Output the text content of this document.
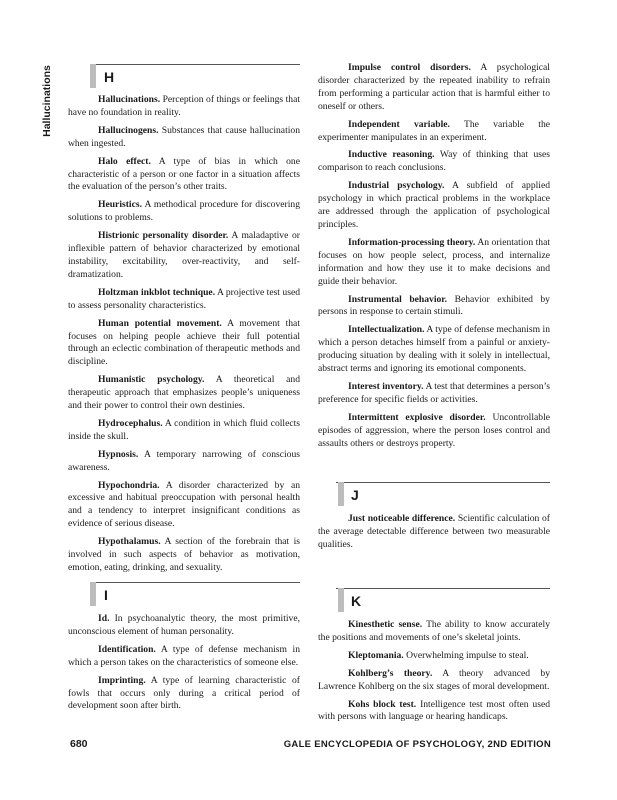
Hallucinations	H

Hallucinations. Perception of things or feelings that have no foundation in reality.

Hallucinogens. Substances that cause hallucination when ingested.

Halo effect. A type of bias in which one characteristic of a person or one factor in a situation affects the evaluation of the person’s other traits.

Heuristics. A methodical procedure for discovering solutions to problems.

Histrionic personality disorder. A maladaptive or inflexible pattern of behavior characterized by emotional instability, excitability, over-reactivity, and self-dramatization.

Holtzman inkblot technique. A projective test used to assess personality characteristics.

Human potential movement. A movement that focuses on helping people achieve their full potential through an eclectic combination of therapeutic methods and discipline.

Humanistic psychology. A theoretical and therapeutic approach that emphasizes people’s uniqueness and their power to control their own destinies.

Hydrocephalus. A condition in which fluid collects inside the skull.

Hypnosis. A temporary narrowing of conscious awareness.

Hypochondria. A disorder characterized by an excessive and habitual preoccupation with personal health and a tendency to interpret insignificant conditions as evidence of serious disease.

Hypothalamus. A section of the forebrain that is involved in such aspects of behavior as motivation, emotion, eating, drinking, and sexuality.

I

Id. In psychoanalytic theory, the most primitive, unconscious element of human personality.

Identification. A type of defense mechanism in which a person takes on the characteristics of someone else.

Imprinting. A type of learning characteristic of fowls that occurs only during a critical period of development soon after birth.

Impulse control disorders. A psychological disorder characterized by the repeated inability to refrain from performing a particular action that is harmful either to oneself or others.

Independent variable. The variable the experimenter manipulates in an experiment.

Inductive reasoning. Way of thinking that uses comparison to reach conclusions.

Industrial psychology. A subfield of applied psychology in which practical problems in the workplace are addressed through the application of psychological principles.

Information-processing theory. An orientation that focuses on how people select, process, and internalize information and how they use it to make decisions and guide their behavior.

Instrumental behavior. Behavior exhibited by persons in response to certain stimuli.

Intellectualization. A type of defense mechanism in which a person detaches himself from a painful or anxiety-producing situation by dealing with it solely in intellectual, abstract terms and ignoring its emotional components.

Interest inventory. A test that determines a person’s preference for specific fields or activities.

Intermittent explosive disorder. Uncontrollable episodes of aggression, where the person loses control and assaults others or destroys property.

J

Just noticeable difference. Scientific calculation of the average detectable difference between two measurable qualities.

K

Kinesthetic sense. The ability to know accurately the positions and movements of one’s skeletal joints.

Kleptomania. Overwhelming impulse to steal.

Kohlberg’s theory. A theory advanced by Lawrence Kohlberg on the six stages of moral development.

Kohs block test. Intelligence test most often used with persons with language or hearing handicaps.

680	GALE ENCYCLOPEDIA OF PSYCHOLOGY, 2ND EDITION
